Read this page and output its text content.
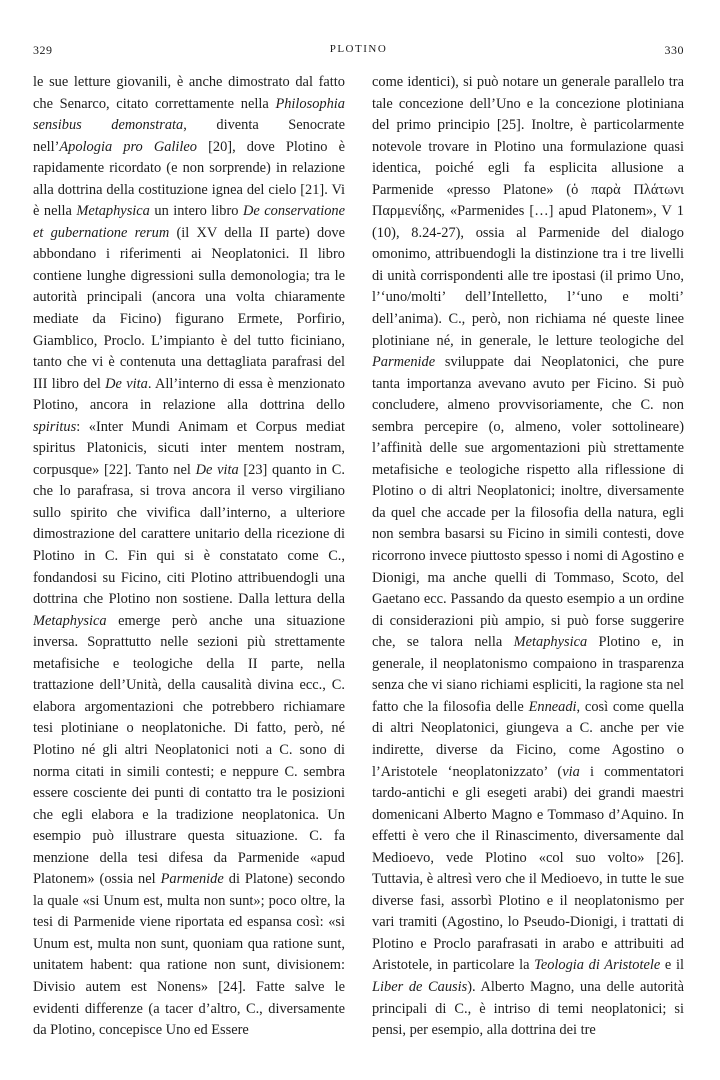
329	PLOTINO	330

le sue letture giovanili, è anche dimostrato dal fatto che Senarco, citato correttamente nella Philosophia sensibus demonstrata, diventa Senocrate nell’Apologia pro Galileo [20], dove Plotino è rapidamente ricordato (e non sorprende) in relazione alla dottrina della costituzione ignea del cielo [21]. Vi è nella Metaphysica un intero libro De conservatione et gubernatione rerum (il XV della II parte) dove abbondano i riferimenti ai Neoplatonici. Il libro contiene lunghe digressioni sulla demonologia; tra le autorità principali (ancora una volta chiaramente mediate da Ficino) figurano Ermete, Porfirio, Giamblico, Proclo. L’impianto è del tutto ficiniano, tanto che vi è contenuta una dettagliata parafrasi del III libro del De vita. All’interno di essa è menzionato Plotino, ancora in relazione alla dottrina dello spiritus: «Inter Mundi Animam et Corpus mediat spiritus Platonicis, sicuti inter mentem nostram, corpusque» [22]. Tanto nel De vita [23] quanto in C. che lo parafrasa, si trova ancora il verso virgiliano sullo spirito che vivifica dall’interno, a ulteriore dimostrazione del carattere unitario della ricezione di Plotino in C. Fin qui si è constatato come C., fondandosi su Ficino, citi Plotino attribuendogli una dottrina che Plotino non sostiene. Dalla lettura della Metaphysica emerge però anche una situazione inversa. Soprattutto nelle sezioni più strettamente metafisiche e teologiche della II parte, nella trattazione dell’Unità, della causalità divina ecc., C. elabora argomentazioni che potrebbero richiamare tesi plotiniane o neoplatoniche. Di fatto, però, né Plotino né gli altri Neoplatonici noti a C. sono di norma citati in simili contesti; e neppure C. sembra essere cosciente dei punti di contatto tra le posizioni che egli elabora e la tradizione neoplatonica. Un esempio può illustrare questa situazione. C. fa menzione della tesi difesa da Parmenide «apud Platonem» (ossia nel Parmenide di Platone) secondo la quale «si Unum est, multa non sunt»; poco oltre, la tesi di Parmenide viene riportata ed espansa così: «si Unum est, multa non sunt, quoniam qua ratione sunt, unitatem habent: qua ratione non sunt, divisionem: Divisio autem est Nonens» [24]. Fatte salve le evidenti differenze (a tacer d’altro, C., diversamente da Plotino, concepisce Uno ed Essere

come identici), si può notare un generale parallelo tra tale concezione dell’Uno e la concezione plotiniana del primo principio [25]. Inoltre, è particolarmente notevole trovare in Plotino una formulazione quasi identica, poiché egli fa esplicita allusione a Parmenide «presso Platone» (ὁ παρὰ Πλάτωνι Παρμενίδης, «Parmenides […] apud Platonem», V 1 (10), 8.24-27), ossia al Parmenide del dialogo omonimo, attribuendogli la distinzione tra i tre livelli di unità corrispondenti alle tre ipostasi (il primo Uno, l’‘uno/molti’ dell’Intelletto, l’‘uno e molti’ dell’anima). C., però, non richiama né queste linee plotiniane né, in generale, le letture teologiche del Parmenide sviluppate dai Neoplatonici, che pure tanta importanza avevano avuto per Ficino. Si può concludere, almeno provvisoriamente, che C. non sembra percepire (o, almeno, voler sottolineare) l’affinità delle sue argomentazioni più strettamente metafisiche e teologiche rispetto alla riflessione di Plotino o di altri Neoplatonici; inoltre, diversamente da quel che accade per la filosofia della natura, egli non sembra basarsi su Ficino in simili contesti, dove ricorrono invece piuttosto spesso i nomi di Agostino e Dionigi, ma anche quelli di Tommaso, Scoto, del Gaetano ecc. Passando da questo esempio a un ordine di considerazioni più ampio, si può forse suggerire che, se talora nella Metaphysica Plotino e, in generale, il neoplatonismo compaiono in trasparenza senza che vi siano richiami espliciti, la ragione sta nel fatto che la filosofia delle Enneadi, così come quella di altri Neoplatonici, giungeva a C. anche per vie indirette, diverse da Ficino, come Agostino o l’Aristotele ‘neoplatonizzato’ (via i commentatori tardo-antichi e gli esegeti arabi) dei grandi maestri domenicani Alberto Magno e Tommaso d’Aquino. In effetti è vero che il Rinascimento, diversamente dal Medioevo, vede Plotino «col suo volto» [26]. Tuttavia, è altresì vero che il Medioevo, in tutte le sue diverse fasi, assorbì Plotino e il neoplatonismo per vari tramiti (Agostino, lo Pseudo-Dionigi, i trattati di Plotino e Proclo parafrasati in arabo e attribuiti ad Aristotele, in particolare la Teologia di Aristotele e il Liber de Causis). Alberto Magno, una delle autorità principali di C., è intriso di temi neoplatonici; si pensi, per esempio, alla dottrina dei tre
